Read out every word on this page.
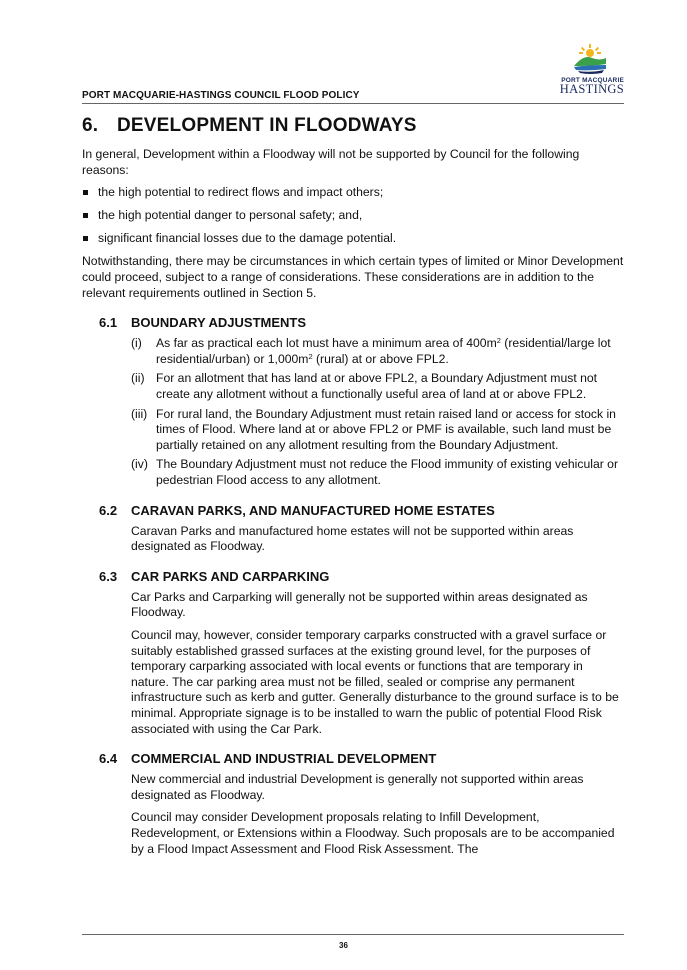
PORT MACQUARIE-HASTINGS COUNCIL FLOOD POLICY
PORT MACQUARIE
HASTINGS
6. DEVELOPMENT IN FLOODWAYS

In general, Development within a Floodway will not be supported by Council for the following reasons:

the high potential to redirect flows and impact others;
the high potential danger to personal safety; and,
significant financial losses due to the damage potential.

Notwithstanding, there may be circumstances in which certain types of limited or Minor Development could proceed, subject to a range of considerations. These considerations are in addition to the relevant requirements outlined in Section 5.

6.1 BOUNDARY ADJUSTMENTS
(i) As far as practical each lot must have a minimum area of $400m^2$ (residential/large lot residential/urban) or $1,000m^2$ (rural) at or above FPL2.
(ii) For an allotment that has land at or above FPL2, a Boundary Adjustment must not create any allotment without a functionally useful area of land at or above FPL2.
(iii) For rural land, the Boundary Adjustment must retain raised land or access for stock in times of Flood. Where land at or above FPL2 or PMF is available, such land must be partially retained on any allotment resulting from the Boundary Adjustment.
(iv) The Boundary Adjustment must not reduce the Flood immunity of existing vehicular or pedestrian Flood access to any allotment.
6.2 CARAVAN PARKS, AND MANUFACTURED HOME ESTATES

Caravan Parks and manufactured home estates will not be supported within areas designated as Floodway.

6.3 CAR PARKS AND CARPARKING

Car Parks and Carparking will generally not be supported within areas designated as Floodway.

Council may, however, consider temporary carparks constructed with a gravel surface or suitably established grassed surfaces at the existing ground level, for the purposes of temporary carparking associated with local events or functions that are temporary in nature. The car parking area must not be filled, sealed or comprise any permanent infrastructure such as kerb and gutter. Generally disturbance to the ground surface is to be minimal. Appropriate signage is to be installed to warn the public of potential Flood Risk associated with using the Car Park.

6.4 COMMERCIAL AND INDUSTRIAL DEVELOPMENT

New commercial and industrial Development is generally not supported within areas designated as Floodway.

Council may consider Development proposals relating to Infill Development, Redevelopment, or Extensions within a Floodway. Such proposals are to be accompanied by a Flood Impact Assessment and Flood Risk Assessment. The

36
